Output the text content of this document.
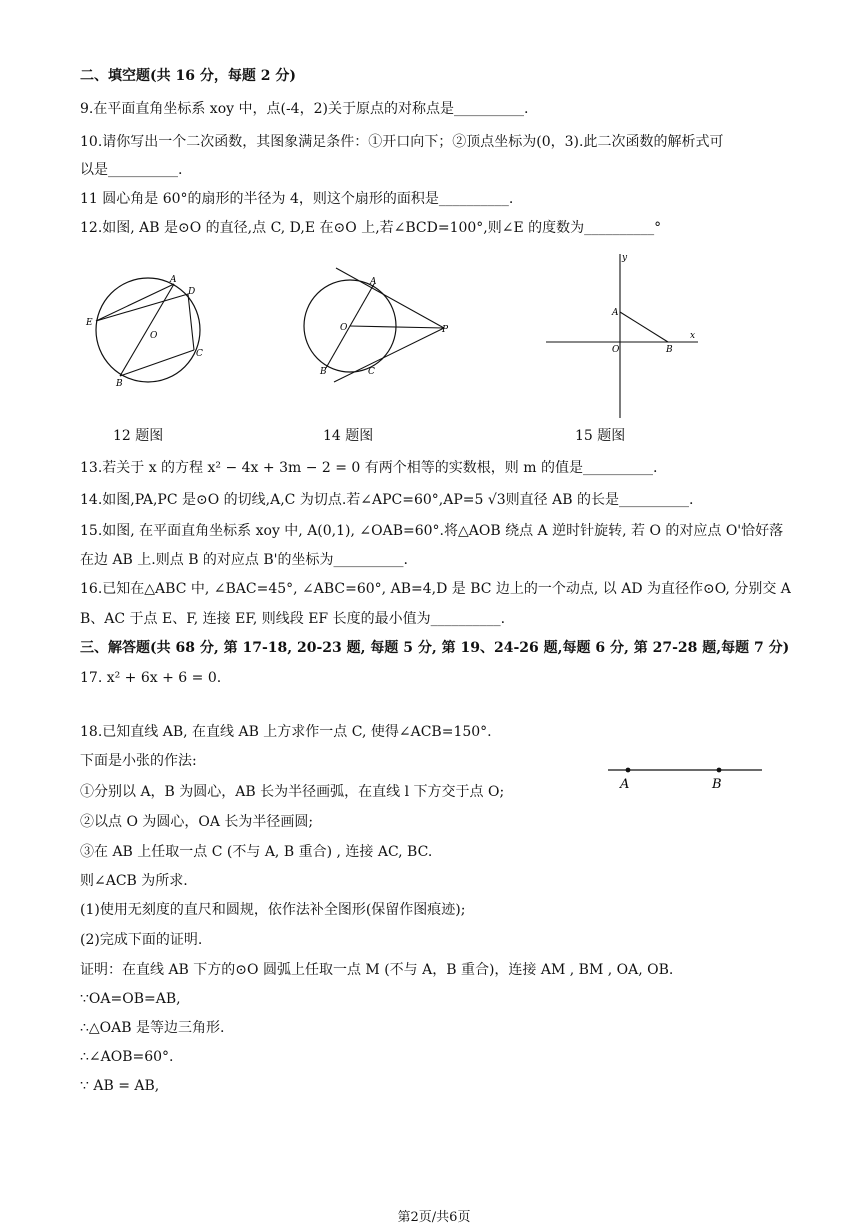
二、填空题(共 16 分，每题 2 分)
9.在平面直角坐标系 xoy 中，点(-4，2)关于原点的对称点是__________.
10.请你写出一个二次函数，其图象满足条件：①开口向下；②顶点坐标为(0，3).此二次函数的解析式可
以是__________.
11 圆心角是 60°的扇形的半径为 4，则这个扇形的面积是__________.
12.如图, AB 是⊙O 的直径,点 C, D,E 在⊙O 上,若∠BCD=100°,则∠E 的度数为__________°
A
D
E
O
C
B
A
O	P
B	C
y
x
A
O	B
12 题图	14 题图	15 题图
13.若关于 x 的方程 x² − 4x + 3m − 2 = 0 有两个相等的实数根，则 m 的值是__________.
14.如图,PA,PC 是⊙O 的切线,A,C 为切点.若∠APC=60°,AP=5 √3则直径 AB 的长是__________.
15.如图, 在平面直角坐标系 xoy 中, A(0,1), ∠OAB=60°.将△AOB 绕点 A 逆时针旋转, 若 O 的对应点 O'恰好落
在边 AB 上.则点 B 的对应点 B'的坐标为__________.
16.已知在△ABC 中, ∠BAC=45°, ∠ABC=60°, AB=4,D 是 BC 边上的一个动点, 以 AD 为直径作⊙O, 分别交 A
B、AC 于点 E、F, 连接 EF, 则线段 EF 长度的最小值为__________.
三、解答题(共 68 分, 第 17-18, 20-23 题, 每题 5 分, 第 19、24-26 题,每题 6 分, 第 27-28 题,每题 7 分)
17. x² + 6x + 6 = 0.
18.已知直线 AB, 在直线 AB 上方求作一点 C, 使得∠ACB=150°.
下面是小张的作法:
①分别以 A，B 为圆心，AB 长为半径画弧，在直线 l 下方交于点 O;
②以点 O 为圆心，OA 长为半径画圆;
③在 AB 上任取一点 C (不与 A, B 重合) , 连接 AC, BC.
则∠ACB 为所求.
(1)使用无刻度的直尺和圆规，依作法补全图形(保留作图痕迹);
(2)完成下面的证明.
证明：在直线 AB 下方的⊙O 圆弧上任取一点 M (不与 A，B 重合)，连接 AM , BM , OA, OB.
∵OA=OB=AB,
∴△OAB 是等边三角形.
∴∠AOB=60°.
∵ AB = AB,
A	B
第2页/共6页
